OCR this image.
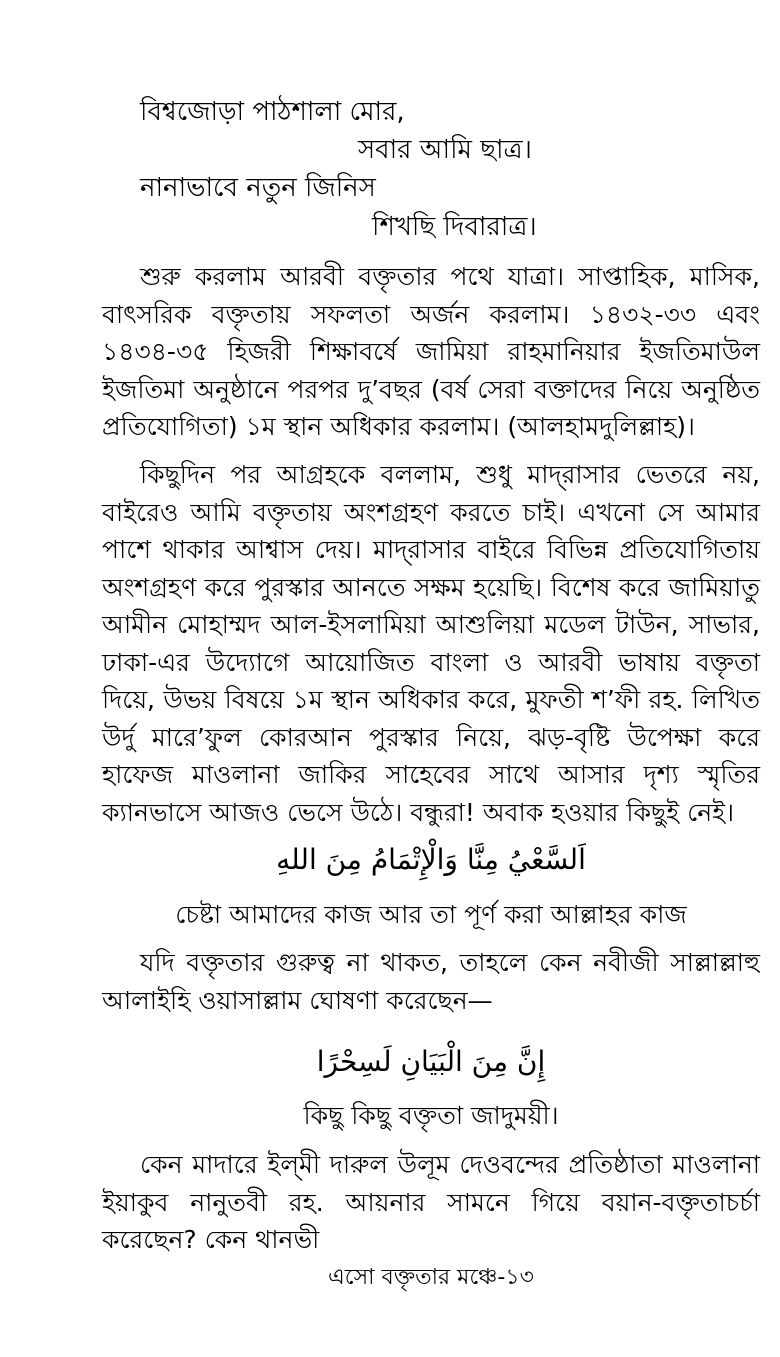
বিশ্বজোড়া পাঠশালা মোর,
সবার আমি ছাত্র।
নানাভাবে নতুন জিনিস
শিখছি দিবারাত্র।

শুরু করলাম আরবী বক্তৃতার পথে যাত্রা। সাপ্তাহিক, মাসিক, বাৎসরিক বক্তৃতায় সফলতা অর্জন করলাম। ১৪৩২-৩৩ এবং ১৪৩৪-৩৫ হিজরী শিক্ষাবর্ষে জামিয়া রাহমানিয়ার ইজতিমাউল ইজতিমা অনুষ্ঠানে পরপর দু’বছর (বর্ষ সেরা বক্তাদের নিয়ে অনুষ্ঠিত প্রতিযোগিতা) ১ম স্থান অধিকার করলাম। (আলহামদুলিল্লাহ)।

কিছুদিন পর আগ্রহকে বললাম, শুধু মাদ্‌রাসার ভেতরে নয়, বাইরেও আমি বক্তৃতায় অংশগ্রহণ করতে চাই। এখনো সে আমার পাশে থাকার আশ্বাস দেয়। মাদ্‌রাসার বাইরে বিভিন্ন প্রতিযোগিতায় অংশগ্রহণ করে পুরস্কার আনতে সক্ষম হয়েছি। বিশেষ করে জামিয়াতু আমীন মোহাম্মদ আল-ইসলামিয়া আশুলিয়া মডেল টাউন, সাভার, ঢাকা-এর উদ্যোগে আয়োজিত বাংলা ও আরবী ভাষায় বক্তৃতা দিয়ে, উভয় বিষয়ে ১ম স্থান অধিকার করে, মুফতী শ’ফী রহ. লিখিত উর্দু মারে’ফুল কোরআন পুরস্কার নিয়ে, ঝড়-বৃষ্টি উপেক্ষা করে হাফেজ মাওলানা জাকির সাহেবের সাথে আসার দৃশ্য স্মৃতির ক্যানভাসে আজও ভেসে উঠে। বন্ধুরা! অবাক হওয়ার কিছুই নেই।

اَلسَّعْيُ مِنَّا وَالْإِتْمَامُ مِنَ اللهِ
চেষ্টা আমাদের কাজ আর তা পূর্ণ করা আল্লাহর কাজ

যদি বক্তৃতার গুরুত্ব না থাকত, তাহলে কেন নবীজী সাল্লাল্লাহু আলাইহি ওয়াসাল্লাম ঘোষণা করেছেন—

إِنَّ مِنَ الْبَيَانِ لَسِحْرًا
কিছু কিছু বক্তৃতা জাদুময়ী।

কেন মাদারে ইল্‌মী দারুল উলূম দেওবন্দের প্রতিষ্ঠাতা মাওলানা ইয়াকুব নানুতবী রহ. আয়নার সামনে গিয়ে বয়ান-বক্তৃতাচর্চা করেছেন? কেন থানভী

এসো বক্তৃতার মঞ্চে-১৩
